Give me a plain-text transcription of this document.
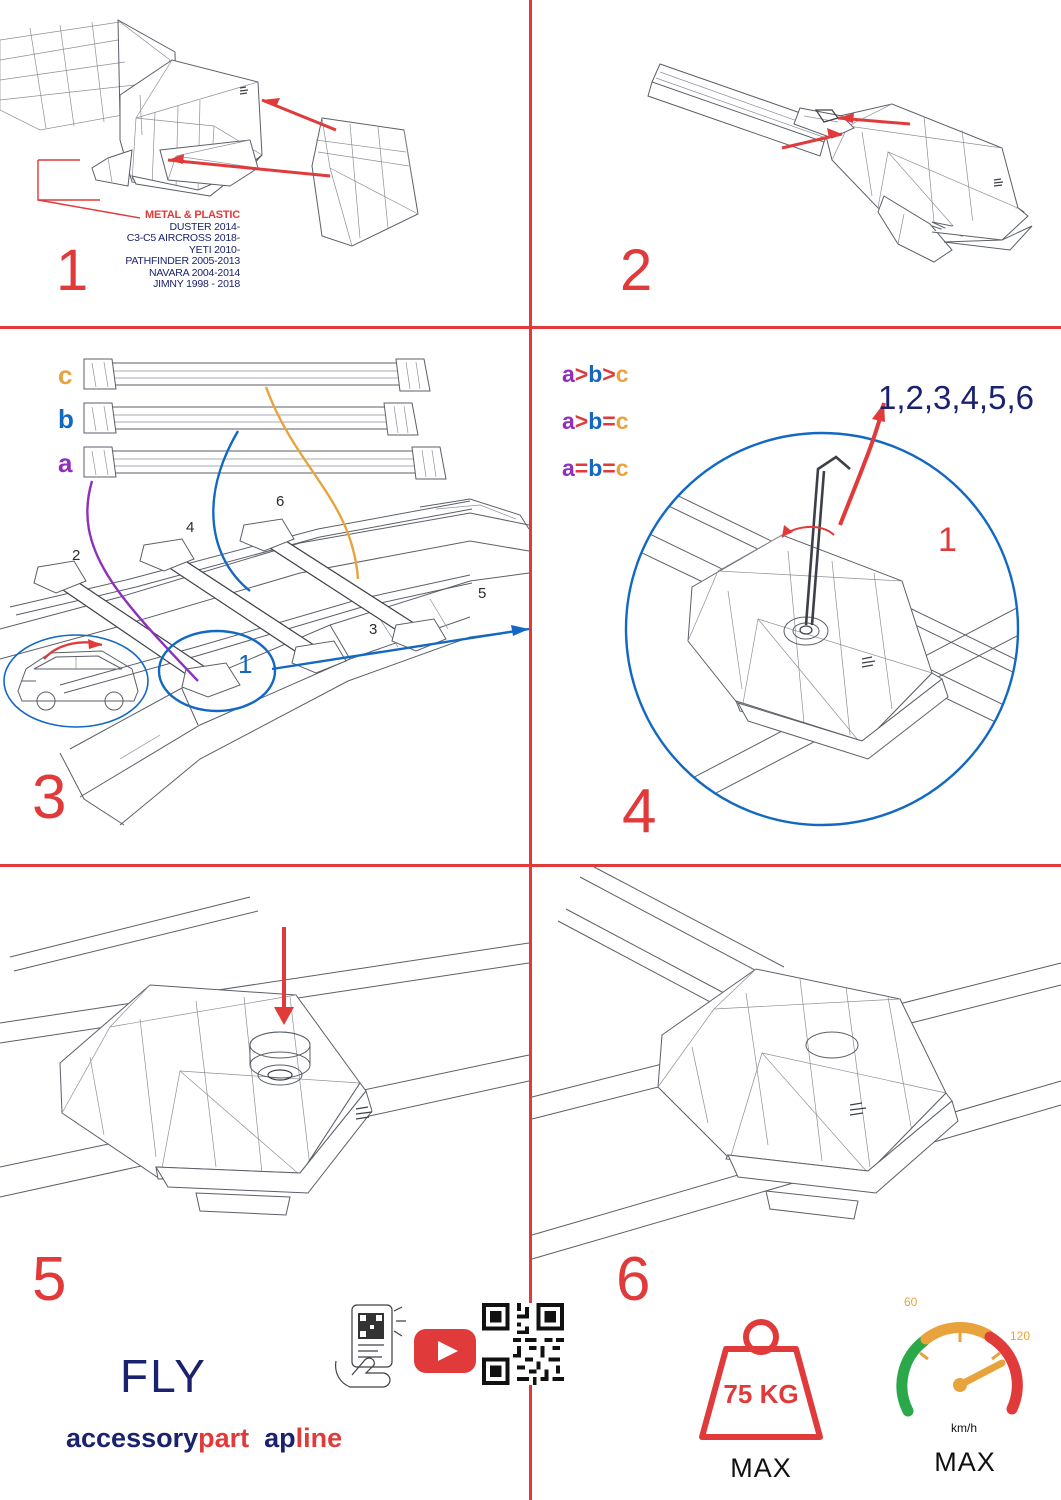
METAL & PLASTIC
DUSTER 2014-
C3-C5 AIRCROSS 2018-
YETI 2010-
PATHFINDER 2005-2013
NAVARA 2004-2014
JIMNY 1998 - 2018
1	2
c
b
a
2
4
6
5
3
1
3
a>b>c
a>b=c
a=b=c
1,2,3,4,5,6
1
4
5
FLY
accessorypart apline
6
75 KG
MAX
60
120
km/h
MAX
